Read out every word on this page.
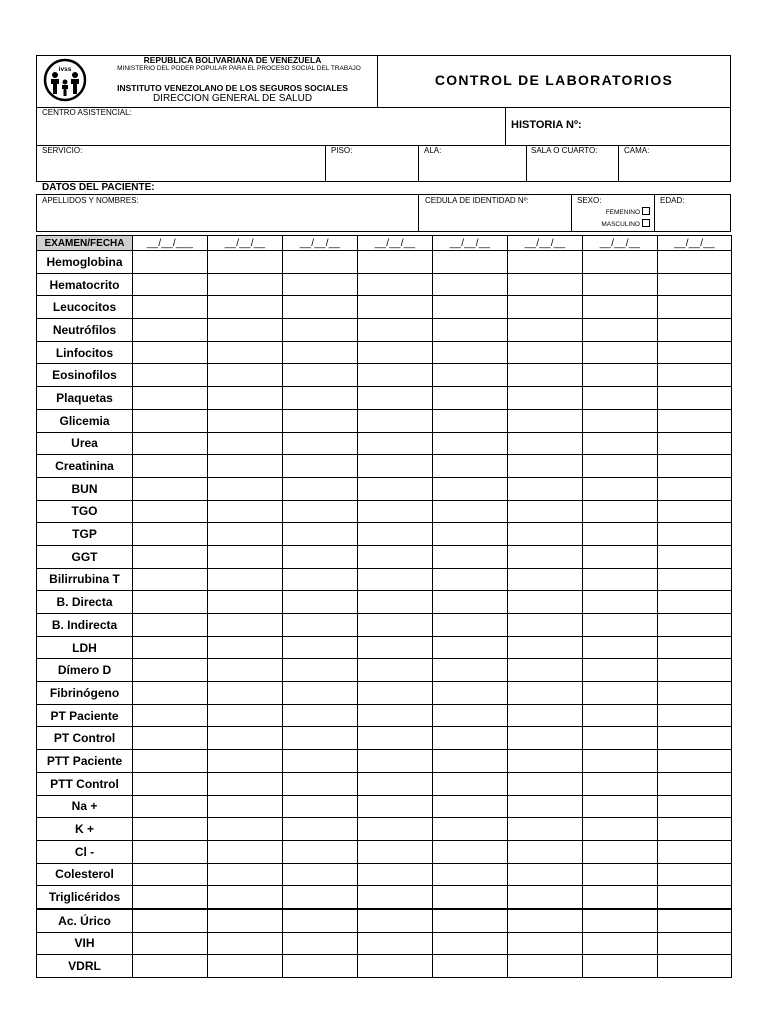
ivss
REPUBLICA BOLIVARIANA DE VENEZUELA
MINISTERIO DEL PODER POPULAR PARA EL PROCESO SOCIAL DEL TRABAJO
INSTITUTO VENEZOLANO DE LOS SEGUROS SOCIALES
DIRECCION GENERAL DE SALUD
CONTROL DE LABORATORIOS
CENTRO ASISTENCIAL:
HISTORIA Nº:
SERVICIO:	PISO:	ALA:	SALA O CUARTO:	CAMA:
DATOS DEL PACIENTE:
APELLIDOS Y NOMBRES:	CEDULA DE IDENTIDAD Nº:	SEXO:	EDAD:
FEMENINO
MASCULINO
EXAMEN/FECHA	__/__/___	__/__/__	__/__/__	__/__/__	__/__/__	__/__/__	__/__/__	__/__/__
Hemoglobina								
Hematocrito								
Leucocitos								
Neutrófilos								
Linfocitos								
Eosinofilos								
Plaquetas								
Glicemia								
Urea								
Creatinina								
BUN								
TGO								
TGP								
GGT								
Bilirrubina T								
B. Directa								
B. Indirecta								
LDH								
Dímero D								
Fibrinógeno								
PT Paciente								
PT Control								
PTT Paciente								
PTT Control								
Na +								
K +								
Cl -								
Colesterol								
Triglicéridos								
Ac. Úrico								
VIH								
VDRL								
